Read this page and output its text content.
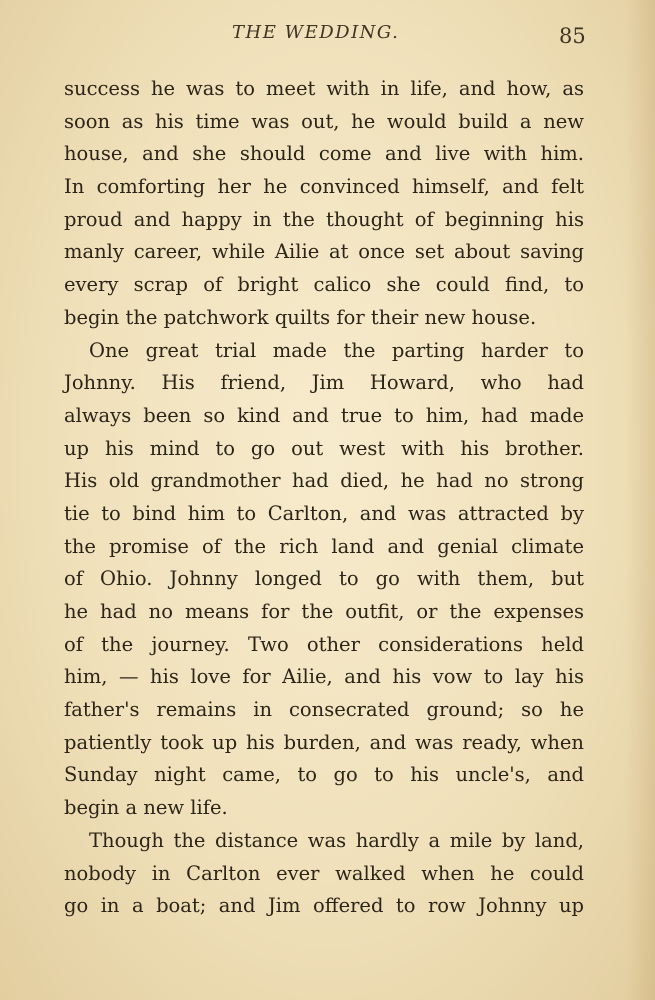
THE WEDDING.	85
success he was to meet with in life, and how, as
soon as his time was out, he would build a new
house, and she should come and live with him.
In comforting her he convinced himself, and felt
proud and happy in the thought of beginning his
manly career, while Ailie at once set about saving
every scrap of bright calico she could find, to
begin the patchwork quilts for their new house.
One great trial made the parting harder to
Johnny. His friend, Jim Howard, who had
always been so kind and true to him, had made
up his mind to go out west with his brother.
His old grandmother had died, he had no strong
tie to bind him to Carlton, and was attracted by
the promise of the rich land and genial climate
of Ohio. Johnny longed to go with them, but
he had no means for the outfit, or the expenses
of the journey. Two other considerations held
him, — his love for Ailie, and his vow to lay his
father's remains in consecrated ground; so he
patiently took up his burden, and was ready, when
Sunday night came, to go to his uncle's, and
begin a new life.
Though the distance was hardly a mile by land,
nobody in Carlton ever walked when he could
go in a boat; and Jim offered to row Johnny up
